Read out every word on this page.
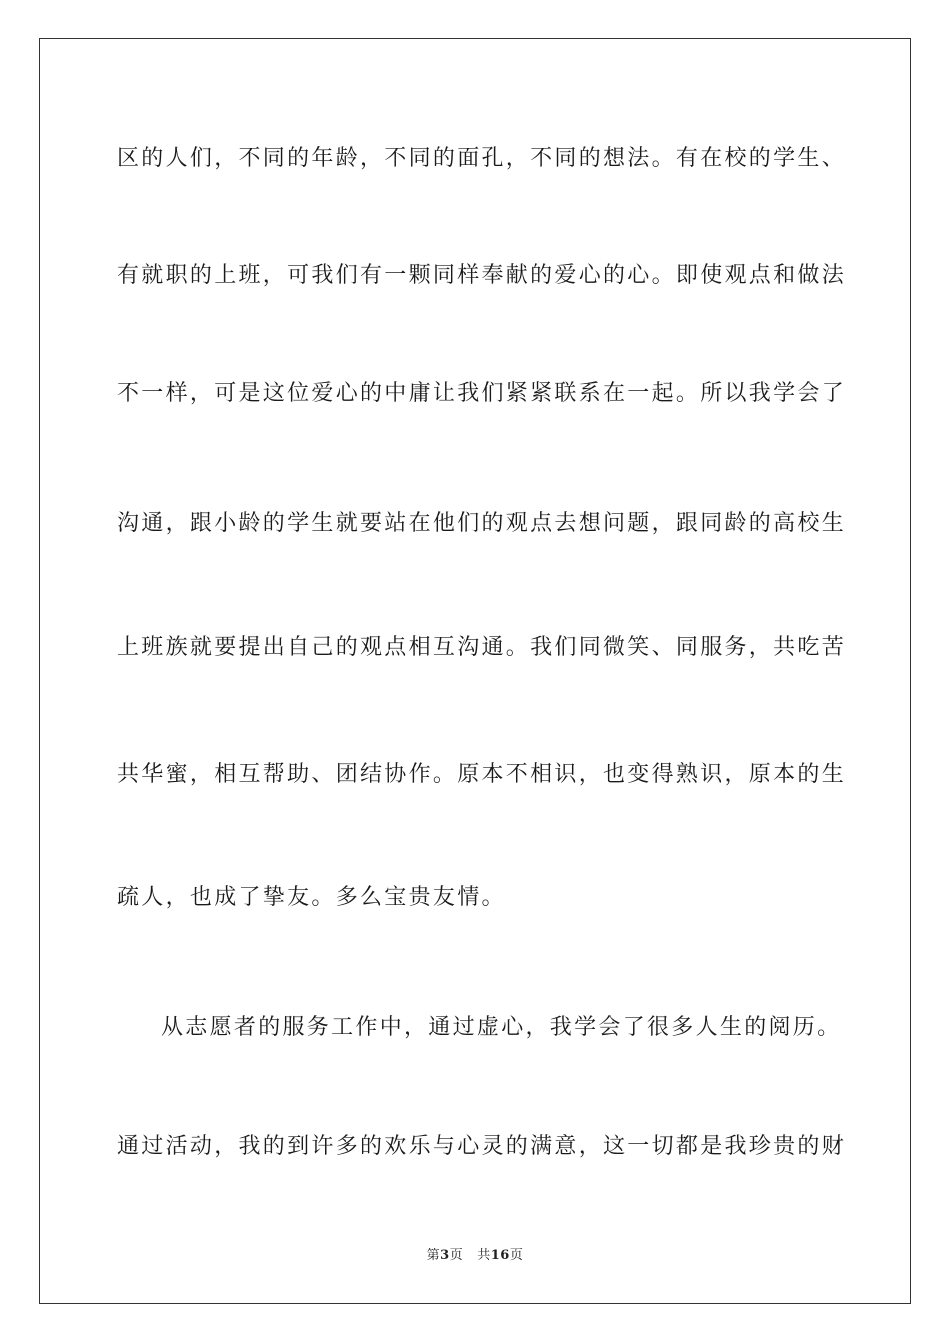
区的人们，不同的年龄，不同的面孔，不同的想法。有在校的学生、
有就职的上班，可我们有一颗同样奉献的爱心的心。即使观点和做法
不一样，可是这位爱心的中庸让我们紧紧联系在一起。所以我学会了
沟通，跟小龄的学生就要站在他们的观点去想问题，跟同龄的高校生
上班族就要提出自己的观点相互沟通。我们同微笑、同服务，共吃苦
共华蜜，相互帮助、团结协作。原本不相识，也变得熟识，原本的生
疏人，也成了挚友。多么宝贵友情。
从志愿者的服务工作中，通过虚心，我学会了很多人生的阅历。
通过活动，我的到许多的欢乐与心灵的满意，这一切都是我珍贵的财
第3页 共16页
